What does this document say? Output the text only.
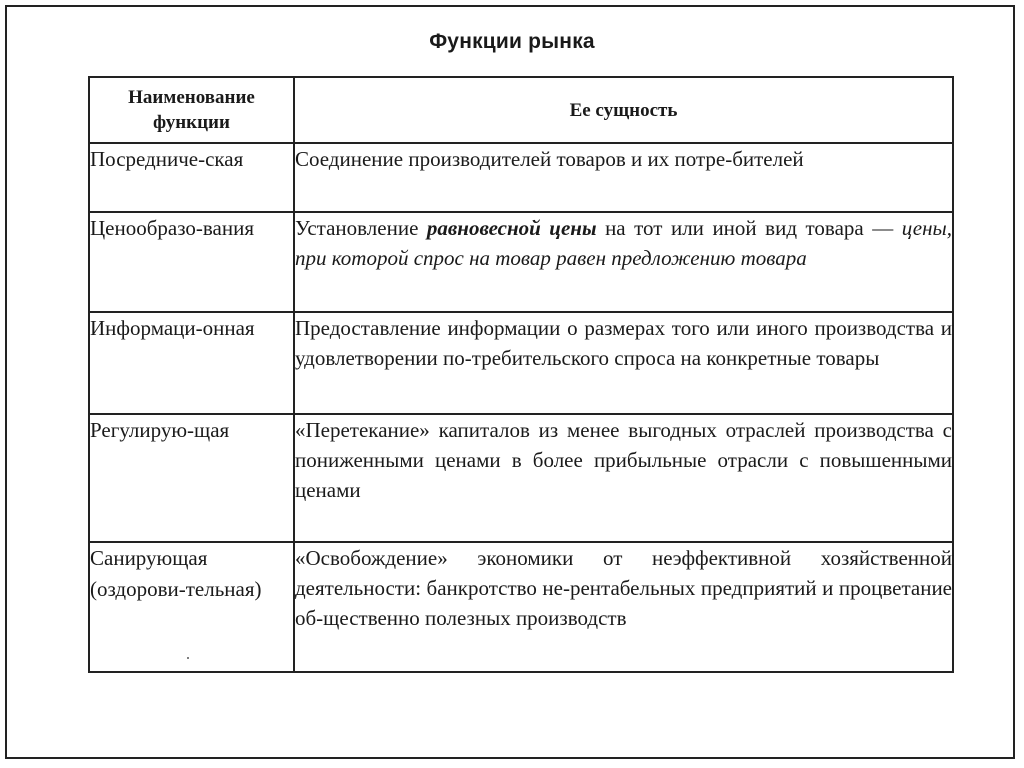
Функции рынка
Наименование функции	Ее сущность
Посредниче-ская	Соединение производителей товаров и их потре-бителей
Ценообразо-вания	Установление равновесной цены на тот или иной вид товара — цены, при которой спрос на товар равен предложению товара
Информаци-онная	Предоставление информации о размерах того или иного производства и удовлетворении по-требительского спроса на конкретные товары
Регулирую-щая	«Перетекание» капиталов из менее выгодных отраслей производства с пониженными ценами в более прибыльные отрасли с повышенными ценами
Санирующая (оздорови-тельная)	«Освобождение» экономики от неэффективной хозяйственной деятельности: банкротство не-рентабельных предприятий и процветание об-щественно полезных производств
